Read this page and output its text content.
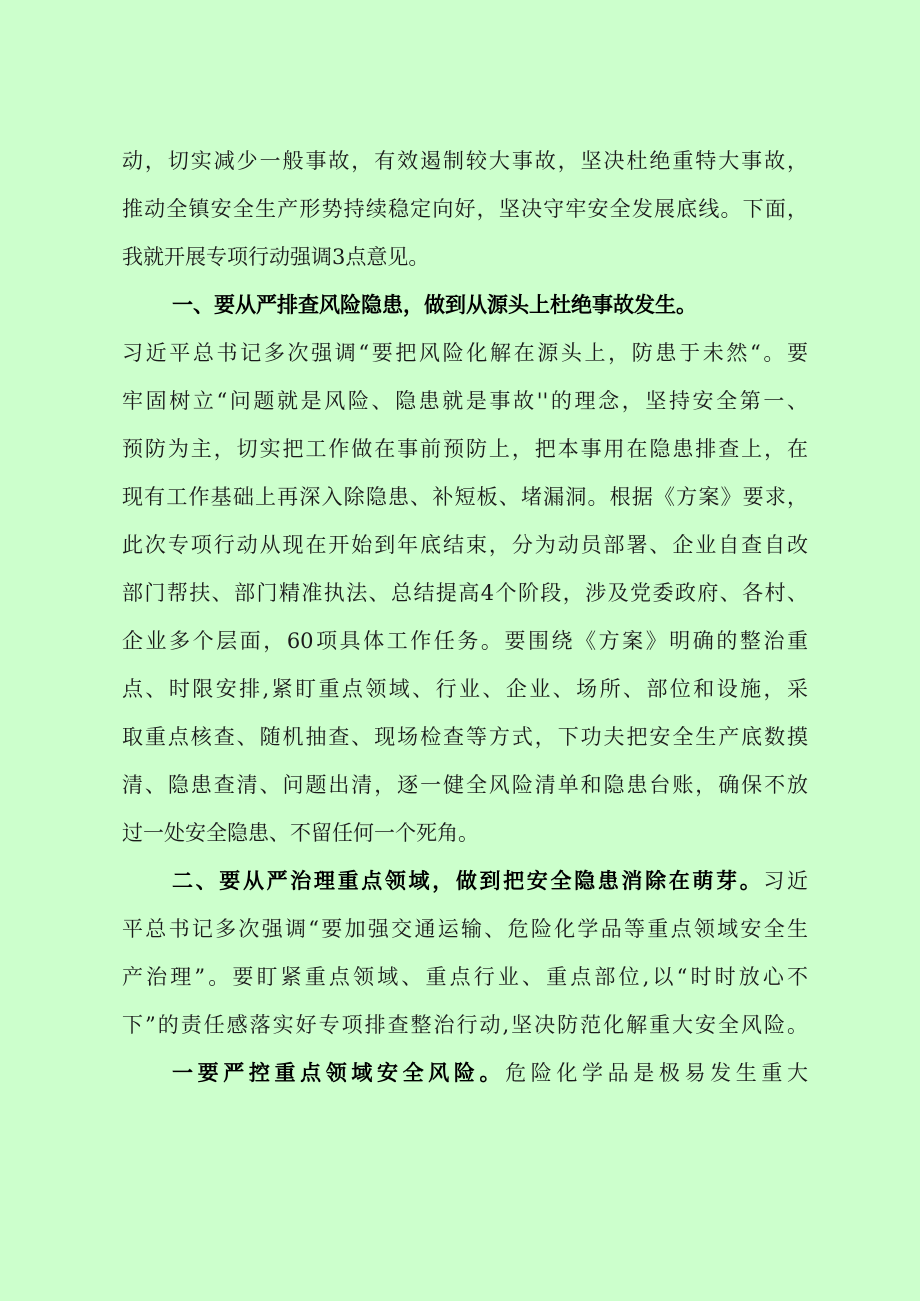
动，切实减少一般事故，有效遏制较大事故，坚决杜绝重特大事故，
推动全镇安全生产形势持续稳定向好，坚决守牢安全发展底线。下面，
我就开展专项行动强调3点意见。
一、要从严排查风险隐患，做到从源头上杜绝事故发生。
习近平总书记多次强调“要把风险化解在源头上，防患于未然“。要
牢固树立“问题就是风险、隐患就是事故''的理念，坚持安全第一、
预防为主，切实把工作做在事前预防上，把本事用在隐患排查上，在
现有工作基础上再深入除隐患、补短板、堵漏洞。根据《方案》要求，
此次专项行动从现在开始到年底结束，分为动员部署、企业自查自改
部门帮扶、部门精准执法、总结提高4个阶段，涉及党委政府、各村、
企业多个层面，60项具体工作任务。要围绕《方案》明确的整治重
点、时限安排,紧盯重点领域、行业、企业、场所、部位和设施，采
取重点核查、随机抽查、现场检查等方式，下功夫把安全生产底数摸
清、隐患查清、问题出清，逐一健全风险清单和隐患台账，确保不放
过一处安全隐患、不留任何一个死角。
二、要从严治理重点领域，做到把安全隐患消除在萌芽。习近
平总书记多次强调“要加强交通运输、危险化学品等重点领域安全生
产治理”。要盯紧重点领域、重点行业、重点部位,以“时时放心不
下”的责任感落实好专项排查整治行动,坚决防范化解重大安全风险。
一要严控重点领域安全风险。危险化学品是极易发生重大
